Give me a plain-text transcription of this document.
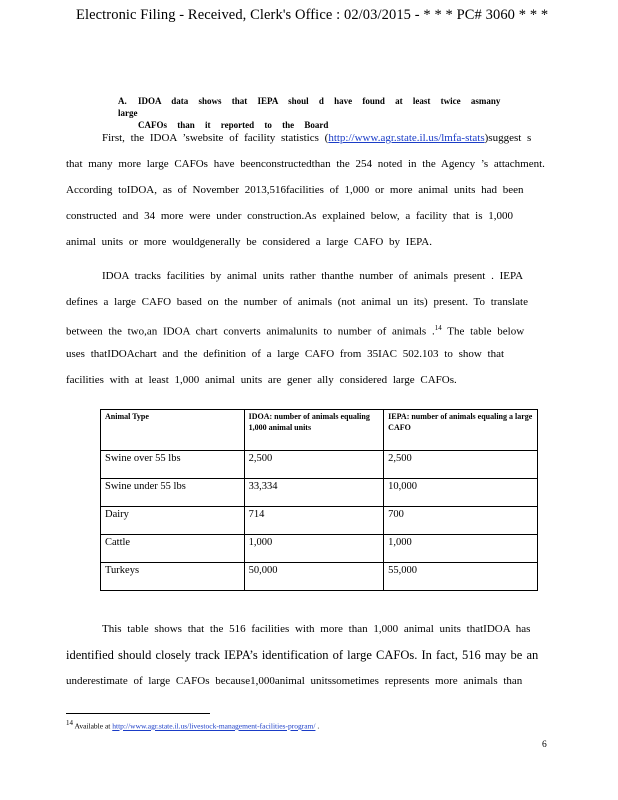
Electronic Filing - Received, Clerk's Office : 02/03/2015 - * * * PC# 3060 * * *
A. IDOA data shows that IEPA shoul d have found at least twice asmany large
CAFOs than it reported to the Board

First, the IDOA ’swebsite of facility statistics (http://www.agr.state.il.us/lmfa-stats)suggest s

that many more large CAFOs have beenconstructedthan the 254 noted in the Agency ’s attachment.

According toIDOA, as of November 2013,516facilities of 1,000 or more animal units had been

constructed and 34 more were under construction.As explained below, a facility that is 1,000

animal units or more wouldgenerally be considered a large CAFO by IEPA.

IDOA tracks facilities by animal units rather thanthe number of animals present . IEPA

defines a large CAFO based on the number of animals (not animal un its) present. To translate

between the two,an IDOA chart converts animalunits to number of animals .$^{14}$ The table below

uses thatIDOAchart and the definition of a large CAFO from 35IAC 502.103 to show that

facilities with at least 1,000 animal units are gener ally considered large CAFOs.

Animal Type	IDOA: number of animals equaling 1,000 animal units	IEPA: number of animals equaling a large CAFO
Swine over 55 lbs	2,500	2,500
Swine under 55 lbs	33,334	10,000
Dairy	714	700
Cattle	1,000	1,000
Turkeys	50,000	55,000

This table shows that the 516 facilities with more than 1,000 animal units thatIDOA has

identified should closely track IEPA’s identification of large CAFOs. In fact, 516 may be an

underestimate of large CAFOs because1,000animal unitssometimes represents more animals than

$^{14}$ Available at http://www.agr.state.il.us/livestock-management-facilities-program/ .
6
